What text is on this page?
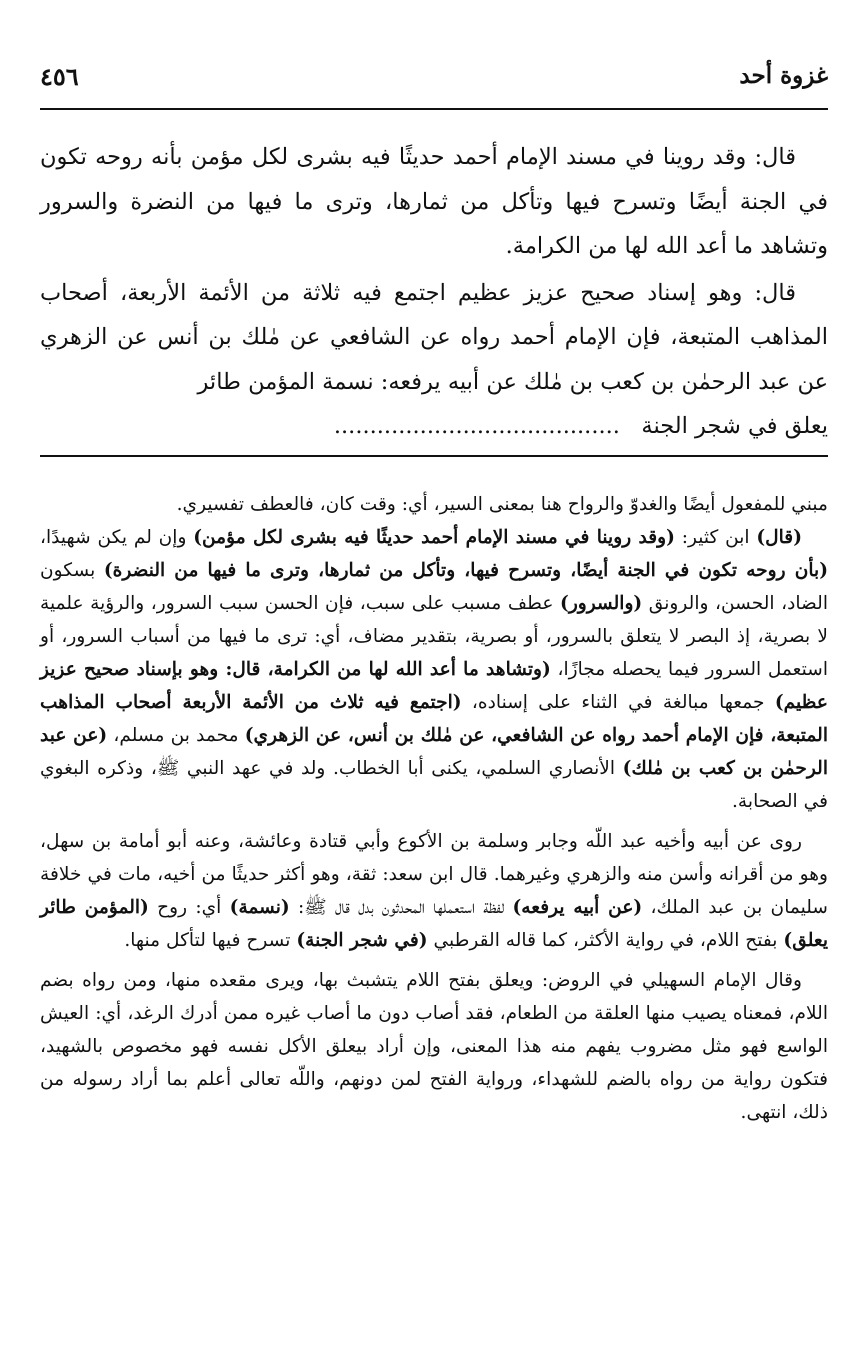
غزوة أحد
٤٥٦

قال: وقد روينا في مسند الإمام أحمد حديثًا فيه بشرى لكل مؤمن بأنه روحه تكون في الجنة أيضًا وتسرح فيها وتأكل من ثمارها، وترى ما فيها من النضرة والسرور وتشاهد ما أعد الله لها من الكرامة.

قال: وهو إسناد صحيح عزيز عظيم اجتمع فيه ثلاثة من الأئمة الأربعة، أصحاب المذاهب المتبعة، فإن الإمام أحمد رواه عن الشافعي عن مٰلك بن أنس عن الزهري عن عبد الرحمٰن بن كعب بن مٰلك عن أبيه يرفعه: نسمة المؤمن طائر
يعلق في شجر الجنة   ........................................

مبني للمفعول أيضًا والغدوّ والرواح هنا بمعنى السير، أي: وقت كان، فالعطف تفسيري.

(قال) ابن كثير: (وقد روينا في مسند الإمام أحمد حديثًا فيه بشرى لكل مؤمن) وإن لم يكن شهيدًا، (بأن روحه تكون في الجنة أيضًا، وتسرح فيها، وتأكل من ثمارها، وترى ما فيها من النضرة) بسكون الضاد، الحسن، والرونق (والسرور) عطف مسبب على سبب، فإن الحسن سبب السرور، والرؤية علمية لا بصرية، إذ البصر لا يتعلق بالسرور، أو بصرية، بتقدير مضاف، أي: ترى ما فيها من أسباب السرور، أو استعمل السرور فيما يحصله مجازًا، (وتشاهد ما أعد الله لها من الكرامة، قال: وهو بإسناد صحيح عزيز عظيم) جمعها مبالغة في الثناء على إسناده، (اجتمع فيه ثلاث من الأئمة الأربعة أصحاب المذاهب المتبعة، فإن الإمام أحمد رواه عن الشافعي، عن مٰلك بن أنس، عن الزهري) محمد بن مسلم، (عن عبد الرحمٰن بن كعب بن مٰلك) الأنصاري السلمي، يكنى أبا الخطاب. ولد في عهد النبي ﷺ، وذكره البغوي في الصحابة.

روى عن أبيه وأخيه عبد اللّه وجابر وسلمة بن الأكوع وأبي قتادة وعائشة، وعنه أبو أمامة بن سهل، وهو من أقرانه وأسن منه والزهري وغيرهما. قال ابن سعد: ثقة، وهو أكثر حديثًا من أخيه، مات في خلافة سليمان بن عبد الملك، (عن أبيه يرفعه) لفظة استعملها المحدثون بدل قال ﷺ: (نسمة) أي: روح (المؤمن طائر يعلق) بفتح اللام، في رواية الأكثر، كما قاله القرطبي (في شجر الجنة) تسرح فيها لتأكل منها.

وقال الإمام السهيلي في الروض: ويعلق بفتح اللام يتشبث بها، ويرى مقعده منها، ومن رواه بضم اللام، فمعناه يصيب منها العلقة من الطعام، فقد أصاب دون ما أصاب غيره ممن أدرك الرغد، أي: العيش الواسع فهو مثل مضروب يفهم منه هذا المعنى، وإن أراد بيعلق الأكل نفسه فهو مخصوص بالشهيد، فتكون رواية من رواه بالضم للشهداء، ورواية الفتح لمن دونهم، واللّه تعالى أعلم بما أراد رسوله من ذلك، انتهى.
